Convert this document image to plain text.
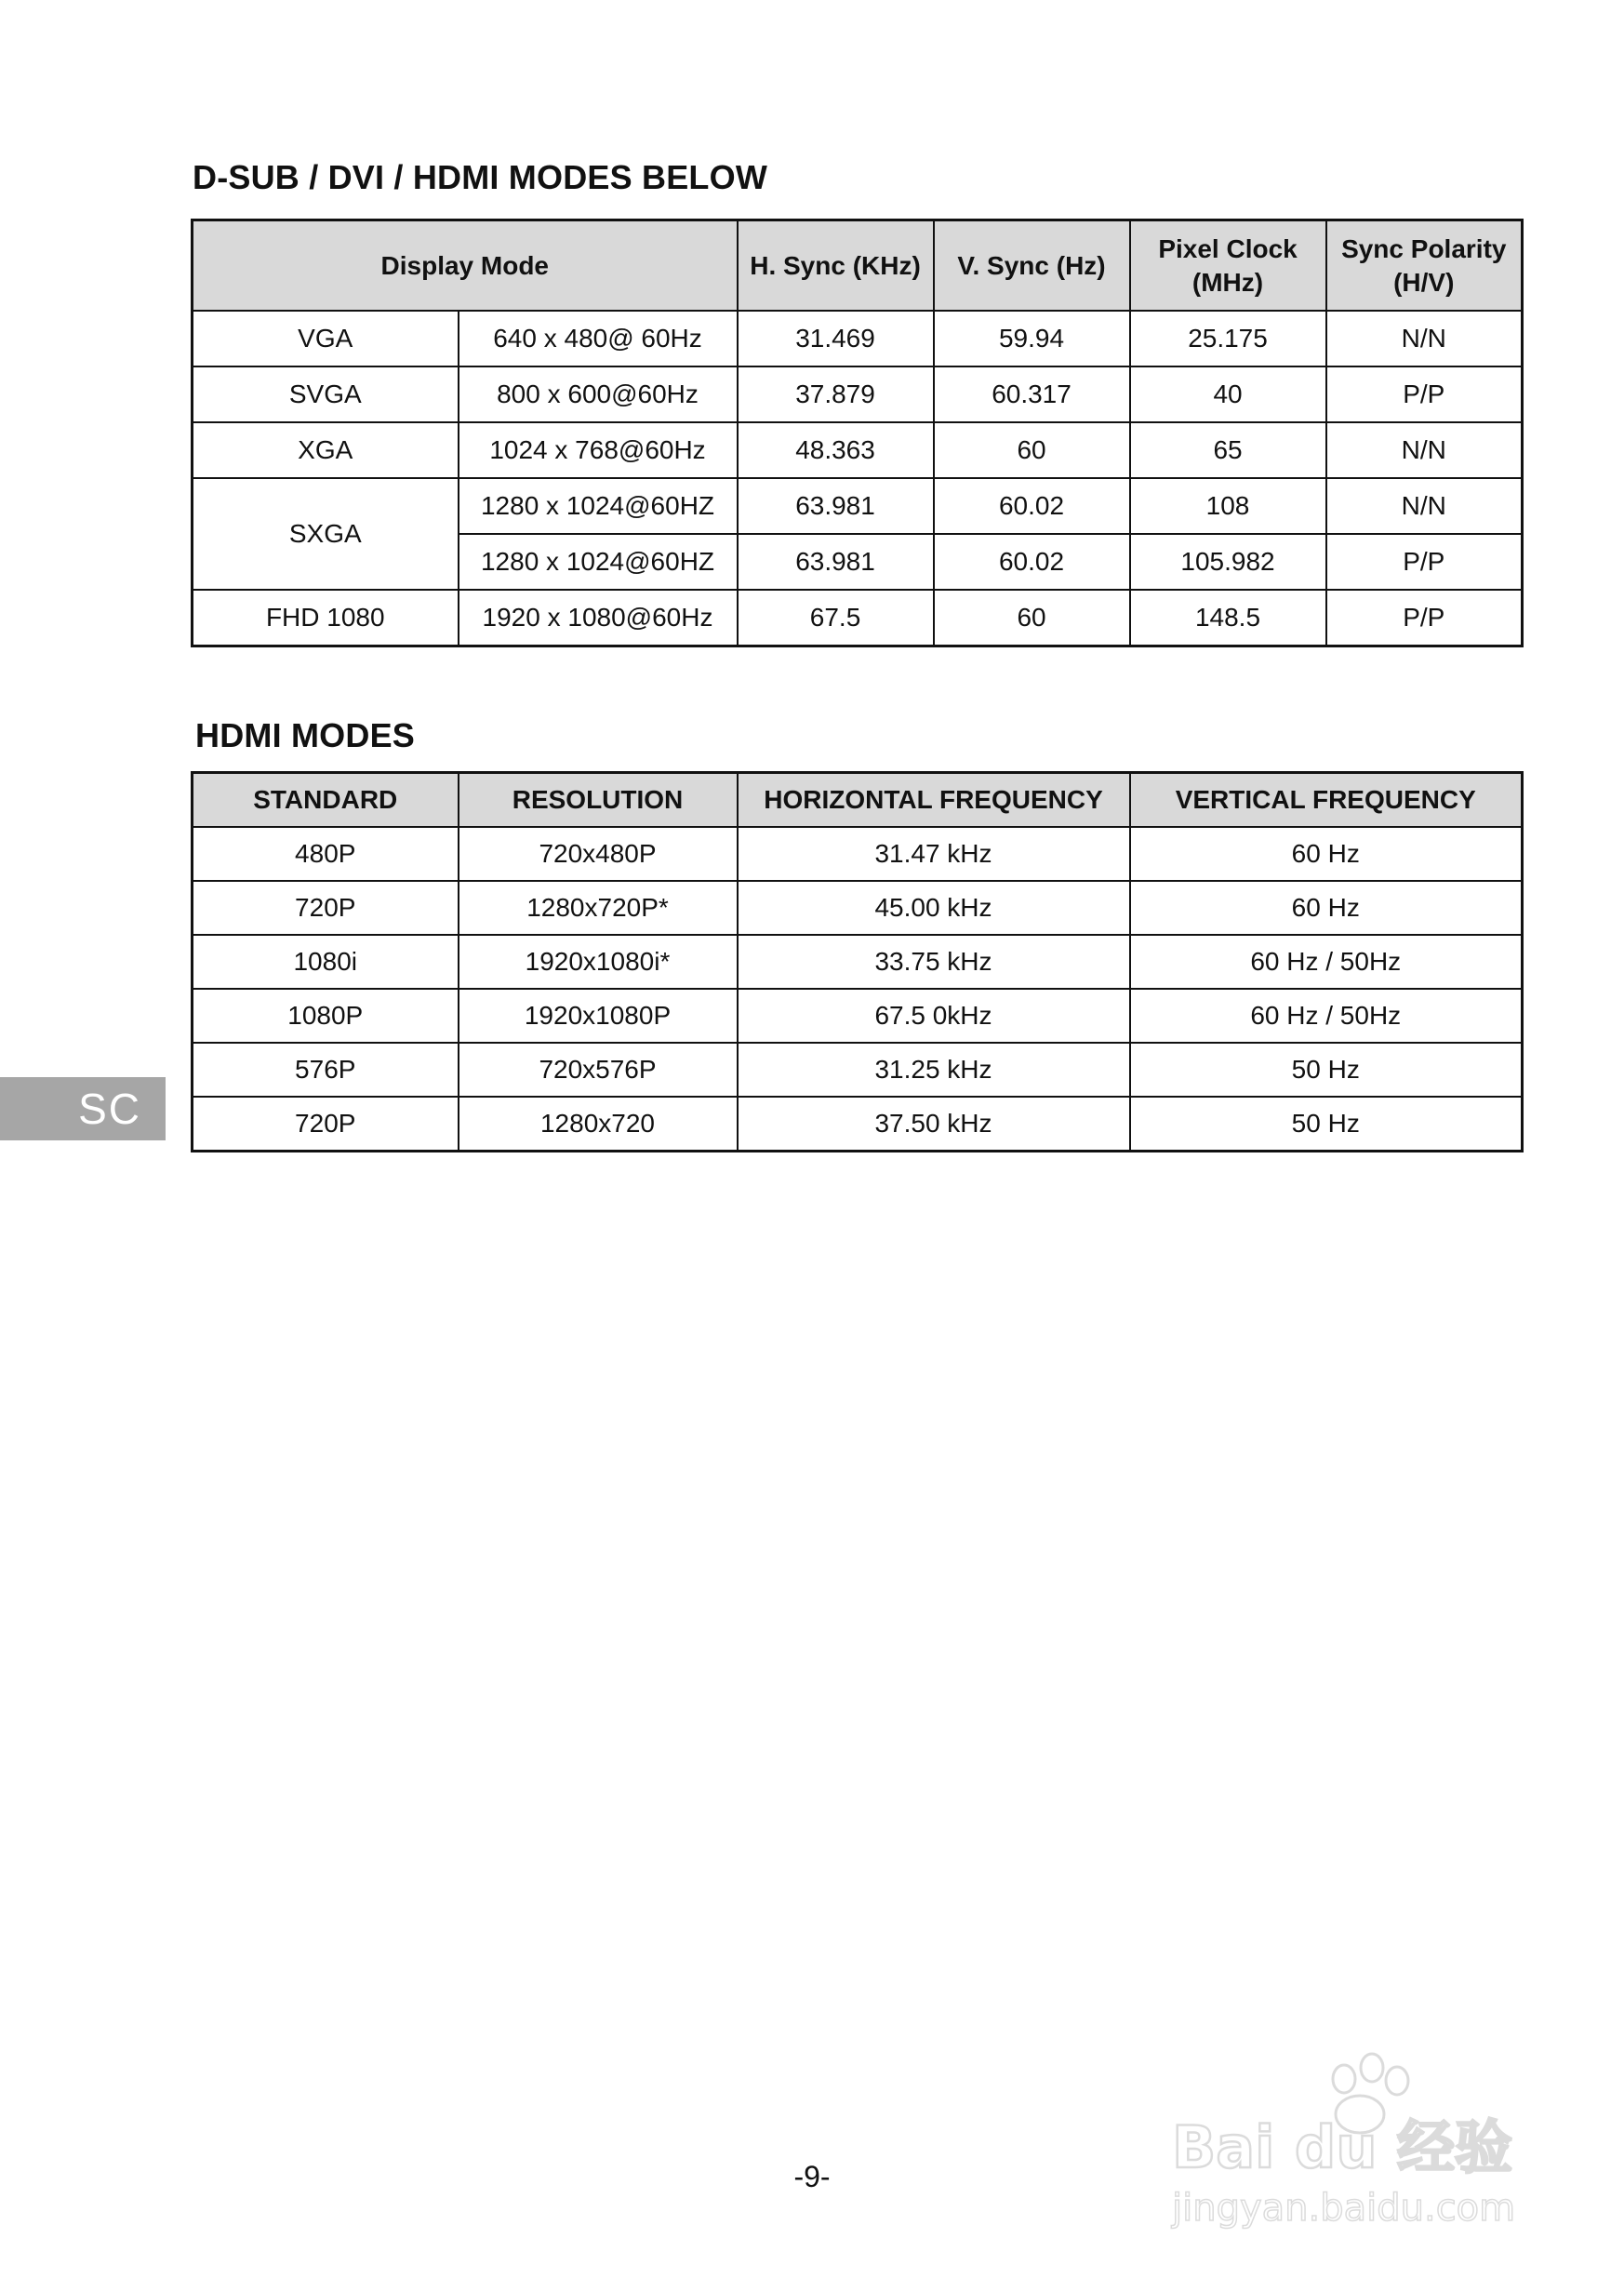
D-SUB / DVI / HDMI MODES BELOW
Display Mode		H. Sync (KHz)	V. Sync (Hz)	Pixel Clock (MHz)	Sync Polarity (H/V)
VGA	640 x 480@ 60Hz	31.469	59.94	25.175	N/N
SVGA	800 x 600@60Hz	37.879	60.317	40	P/P
XGA	1024 x 768@60Hz	48.363	60	65	N/N
SXGA	1280 x 1024@60HZ	63.981	60.02	108	N/N
	1280 x 1024@60HZ	63.981	60.02	105.982	P/P
FHD 1080	1920 x 1080@60Hz	67.5	60	148.5	P/P
HDMI MODES
STANDARD	RESOLUTION	HORIZONTAL FREQUENCY	VERTICAL FREQUENCY
480P	720x480P	31.47 kHz	60 Hz
720P	1280x720P*	45.00 kHz	60 Hz
1080i	1920x1080i*	33.75 kHz	60 Hz / 50Hz
1080P	1920x1080P	67.5 0kHz	60 Hz / 50Hz
576P	720x576P	31.25 kHz	50 Hz
720P	1280x720	37.50 kHz	50 Hz
SC
-9-	Bai du 经验
jingyan.baidu.com
